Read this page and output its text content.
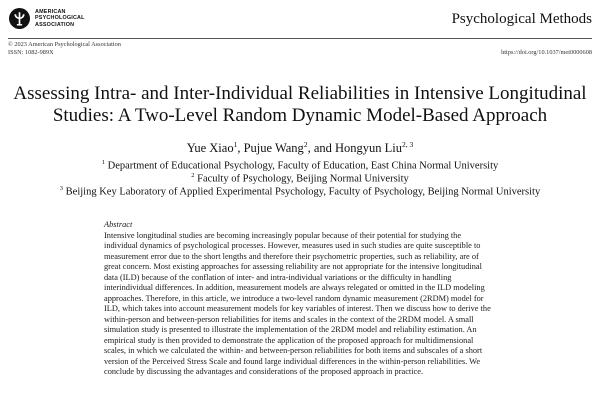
AMERICAN
PSYCHOLOGICAL
ASSOCIATION	Psychological Methods
© 2023 American Psychological Association
ISSN: 1082-989X	https://doi.org/10.1037/met0000608
Assessing Intra- and Inter-Individual Reliabilities in Intensive Longitudinal
Studies: A Two-Level Random Dynamic Model-Based Approach
Yue Xiao$^1$, Pujue Wang$^2$, and Hongyun Liu$^{2, 3}$
$^1$ Department of Educational Psychology, Faculty of Education, East China Normal University
$^2$ Faculty of Psychology, Beijing Normal University
$^3$ Beijing Key Laboratory of Applied Experimental Psychology, Faculty of Psychology, Beijing Normal University
Abstract
Intensive longitudinal studies are becoming increasingly popular because of their potential for studying the individual dynamics of psychological processes. However, measures used in such studies are quite susceptible to measurement error due to the short lengths and therefore their psychometric properties, such as reliability, are of great concern. Most existing approaches for assessing reliability are not appropriate for the intensive longitudinal data (ILD) because of the conflation of inter- and intra-individual variations or the difficulty in handling interindividual differences. In addition, measurement models are always relegated or omitted in the ILD modeling approaches. Therefore, in this article, we introduce a two-level random dynamic measurement (2RDM) model for ILD, which takes into account measurement models for key variables of interest. Then we discuss how to derive the within-person and between-person reliabilities for items and scales in the context of the 2RDM model. A small simulation study is presented to illustrate the implementation of the 2RDM model and reliability estimation. An empirical study is then provided to demonstrate the application of the proposed approach for multidimensional scales, in which we calculated the within- and between-person reliabilities for both items and subscales of a short version of the Perceived Stress Scale and found large individual differences in the within-person reliabilities. We conclude by discussing the advantages and considerations of the proposed approach in practice.
